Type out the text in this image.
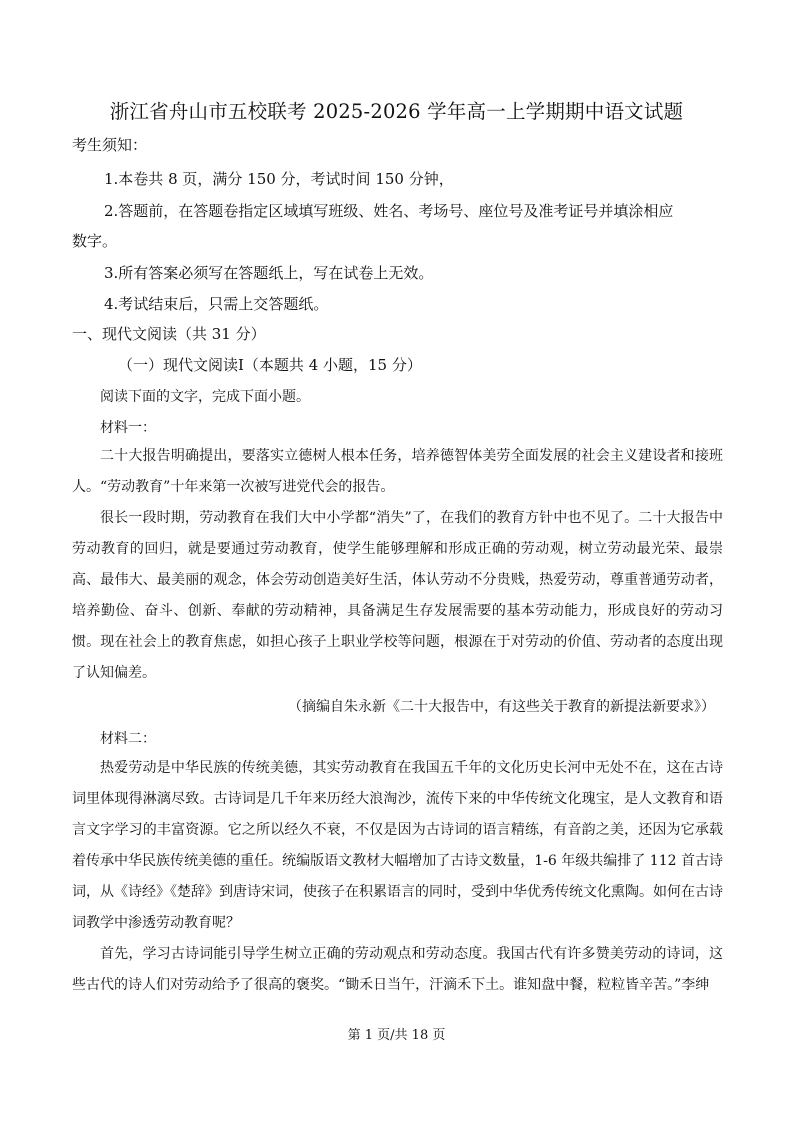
浙江省舟山市五校联考 2025-2026 学年高一上学期期中语文试题
考生须知：
1.本卷共 8 页，满分 150 分，考试时间 150 分钟，
2.答题前，在答题卷指定区域填写班级、姓名、考场号、座位号及准考证号并填涂相应
数字。
3.所有答案必须写在答题纸上，写在试卷上无效。
4.考试结束后，只需上交答题纸。
一、现代文阅读（共 31 分）
（一）现代文阅读Ⅰ（本题共 4 小题，15 分）
阅读下面的文字，完成下面小题。
材料一：
二十大报告明确提出，要落实立德树人根本任务，培养德智体美劳全面发展的社会主义建设者和接班人。“劳动教育”十年来第一次被写进党代会的报告。
很长一段时期，劳动教育在我们大中小学都“消失”了，在我们的教育方针中也不见了。二十大报告中劳动教育的回归，就是要通过劳动教育，使学生能够理解和形成正确的劳动观，树立劳动最光荣、最崇高、最伟大、最美丽的观念，体会劳动创造美好生活，体认劳动不分贵贱，热爱劳动，尊重普通劳动者，培养勤俭、奋斗、创新、奉献的劳动精神，具备满足生存发展需要的基本劳动能力，形成良好的劳动习惯。现在社会上的教育焦虑，如担心孩子上职业学校等问题，根源在于对劳动的价值、劳动者的态度出现了认知偏差。
（摘编自朱永新《二十大报告中，有这些关于教育的新提法新要求》）
材料二：
热爱劳动是中华民族的传统美德，其实劳动教育在我国五千年的文化历史长河中无处不在，这在古诗词里体现得淋漓尽致。古诗词是几千年来历经大浪淘沙，流传下来的中华传统文化瑰宝，是人文教育和语言文字学习的丰富资源。它之所以经久不衰，不仅是因为古诗词的语言精练，有音韵之美，还因为它承载着传承中华民族传统美德的重任。统编版语文教材大幅增加了古诗文数量，1-6 年级共编排了 112 首古诗词，从《诗经》《楚辞》到唐诗宋词，使孩子在积累语言的同时，受到中华优秀传统文化熏陶。如何在古诗词教学中渗透劳动教育呢？
首先，学习古诗词能引导学生树立正确的劳动观点和劳动态度。我国古代有许多赞美劳动的诗词，这些古代的诗人们对劳动给予了很高的褒奖。“锄禾日当午，汗滴禾下土。谁知盘中餐，粒粒皆辛苦。”李绅
第 1 页/共 18 页
